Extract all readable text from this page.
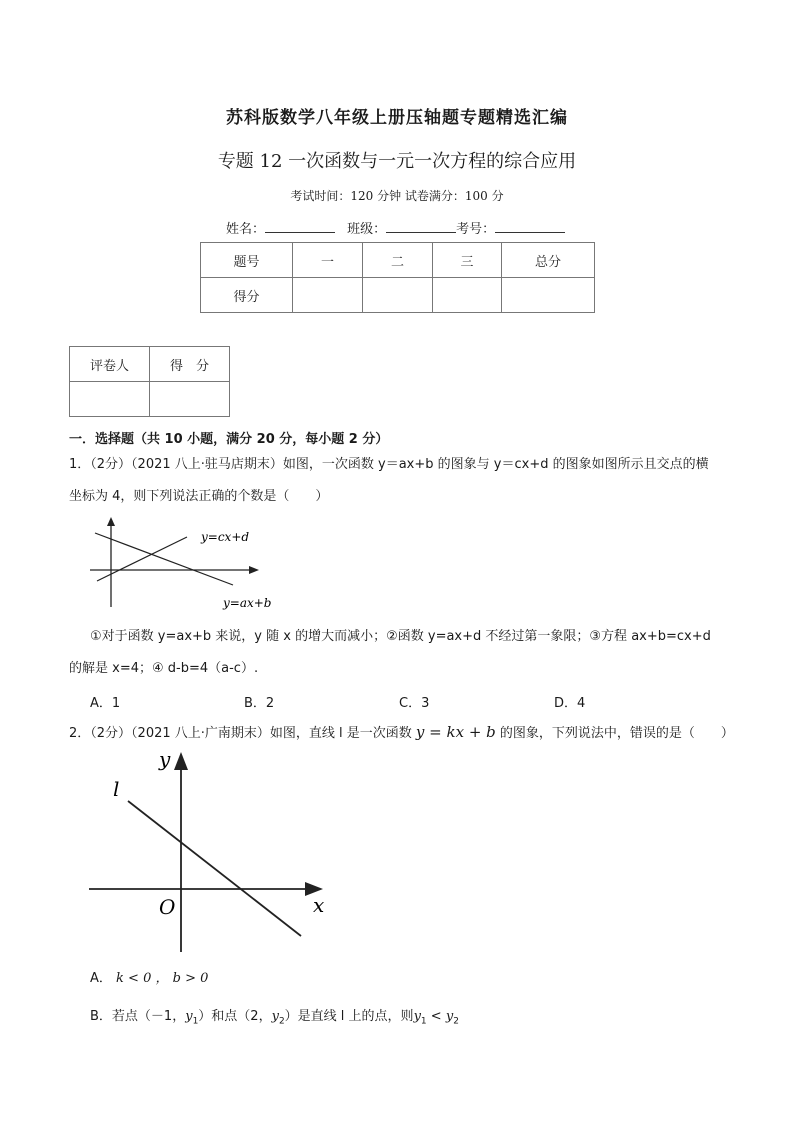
苏科版数学八年级上册压轴题专题精选汇编
专题 12 一次函数与一元一次方程的综合应用
考试时间：120 分钟 试卷满分：100 分
姓名：	班级：	考号：
题号	一	二	三	总分
得分				
评卷人	得　分

一．选择题（共 10 小题，满分 20 分，每小题 2 分）
1．（2分）（2021 八上·驻马店期末）如图，一次函数 y＝ax+b 的图象与 y＝cx+d 的图象如图所示且交点的横
坐标为 4，则下列说法正确的个数是（　　）
y=cx+d
y=ax+b
①对于函数 y=ax+b 来说，y 随 x 的增大而减小；②函数 y=ax+d 不经过第一象限；③方程 ax+b=cx+d
的解是 x=4；④ d-b=4（a-c）.
A．1	B．2	C．3	D．4
2．（2分）（2021 八上·广南期末）如图，直线 l 是一次函数 y = kx + b 的图象，下列说法中，错误的是（　　）
y
l
O	x
A． k < 0 ， b > 0
B．若点（－1，$y_1$）和点（2，$y_2$）是直线 l 上的点，则$y_1 < y_2$
